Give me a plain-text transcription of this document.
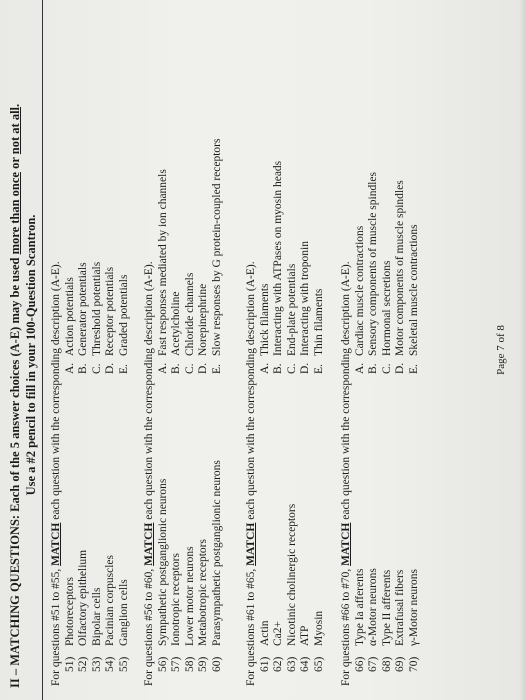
II – MATCHING QUESTIONS: Each of the 5 answer choices (A-E) may be used more than once or not at all.
Use a #2 pencil to fill in your 100-Question Scantron.
For questions #51 to #55, MATCH each question with the corresponding description (A-E).
51)
Photoreceptors
A.
Action potentials
52)
Olfactory epithelium
B.
Generator potentials
53)
Bipolar cells
C.
Threshold potentials
54)
Pacinian corpuscles
D.
Receptor potentials
55)
Ganglion cells
E.
Graded potentials
For questions #56 to #60, MATCH each question with the corresponding description (A-E).
56)
Sympathetic postganglionic neurons
A.
Fast responses mediated by ion channels
57)
Ionotropic receptors
B.
Acetylcholine
58)
Lower motor neurons
C.
Chloride channels
59)
Metabotropic receptors
D.
Norepinephrine
60)
Parasympathetic postganglionic neurons
E.
Slow responses by G protein-coupled receptors
For questions #61 to #65, MATCH each question with the corresponding description (A-E).
61)
Actin
A.
Thick filaments
62)
Ca2+
B.
Interacting with ATPases on myosin heads
63)
Nicotinic cholinergic receptors
C.
End-plate potentials
64)
ATP
D.
Interacting with troponin
65)
Myosin
E.
Thin filaments
For questions #66 to #70, MATCH each question with the corresponding description (A-E).
66)
Type Ia afferents
A.
Cardiac muscle contractions
67)
α-Motor neurons
B.
Sensory components of muscle spindles
68)
Type II afferents
C.
Hormonal secretions
69)
Extrafusal fibers
D.
Motor components of muscle spindles
70)
γ-Motor neurons
E.
Skeletal muscle contractions	Page 7 of 8
